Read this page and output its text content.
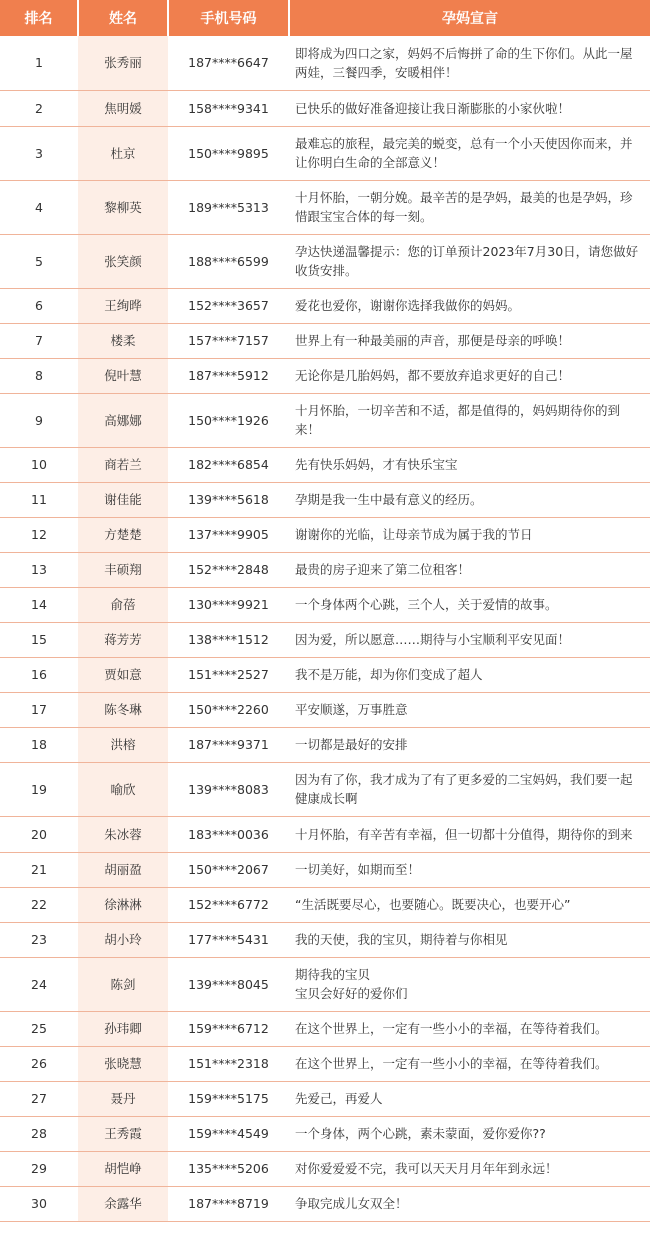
排名	姓名	手机号码	孕妈宣言
1	张秀丽	187****6647	即将成为四口之家，妈妈不后悔拼了命的生下你们。从此一屋两娃，三餐四季，安暖相伴！
2	焦明媛	158****9341	已快乐的做好准备迎接让我日渐膨胀的小家伙啦！
3	杜京	150****9895	最难忘的旅程，最完美的蜕变，总有一个小天使因你而来，并让你明白生命的全部意义！
4	黎柳英	189****5313	十月怀胎，一朝分娩。最辛苦的是孕妈，最美的也是孕妈，珍惜跟宝宝合体的每一刻。
5	张笑颜	188****6599	孕达快递温馨提示：您的订单预计2023年7月30日，请您做好收货安排。
6	王绚晔	152****3657	爱花也爱你，谢谢你选择我做你的妈妈。
7	楼柔	157****7157	世界上有一种最美丽的声音，那便是母亲的呼唤！
8	倪叶慧	187****5912	无论你是几胎妈妈，都不要放弃追求更好的自己！
9	高娜娜	150****1926	十月怀胎，一切辛苦和不适，都是值得的，妈妈期待你的到来！
10	商若兰	182****6854	先有快乐妈妈，才有快乐宝宝
11	谢佳能	139****5618	孕期是我一生中最有意义的经历。
12	方楚楚	137****9905	谢谢你的光临，让母亲节成为属于我的节日
13	丰硕翔	152****2848	最贵的房子迎来了第二位租客！
14	俞蓓	130****9921	一个身体两个心跳，三个人，关于爱情的故事。
15	蒋芳芳	138****1512	因为爱，所以愿意……期待与小宝顺利平安见面！
16	贾如意	151****2527	我不是万能，却为你们变成了超人
17	陈冬琳	150****2260	平安顺遂，万事胜意
18	洪榕	187****9371	一切都是最好的安排
19	喻欣	139****8083	因为有了你，我才成为了有了更多爱的二宝妈妈，我们要一起健康成长啊
20	朱冰蓉	183****0036	十月怀胎，有辛苦有幸福，但一切都十分值得，期待你的到来
21	胡丽盈	150****2067	一切美好，如期而至！
22	徐淋淋	152****6772	“生活既要尽心，也要随心。既要决心，也要开心”
23	胡小玲	177****5431	我的天使，我的宝贝，期待着与你相见
24	陈剑	139****8045	期待我的宝贝
宝贝会好好的爱你们

25	孙玮卿	159****6712	在这个世界上，一定有一些小小的幸福，在等待着我们。
26	张晓慧	151****2318	在这个世界上，一定有一些小小的幸福，在等待着我们。
27	聂丹	159****5175	先爱己，再爱人
28	王秀霞	159****4549	一个身体，两个心跳，素未蒙面，爱你爱你??
29	胡恺峥	135****5206	对你爱爱爱不完，我可以天天月月年年到永远！
30	余露华	187****8719	争取完成儿女双全！
